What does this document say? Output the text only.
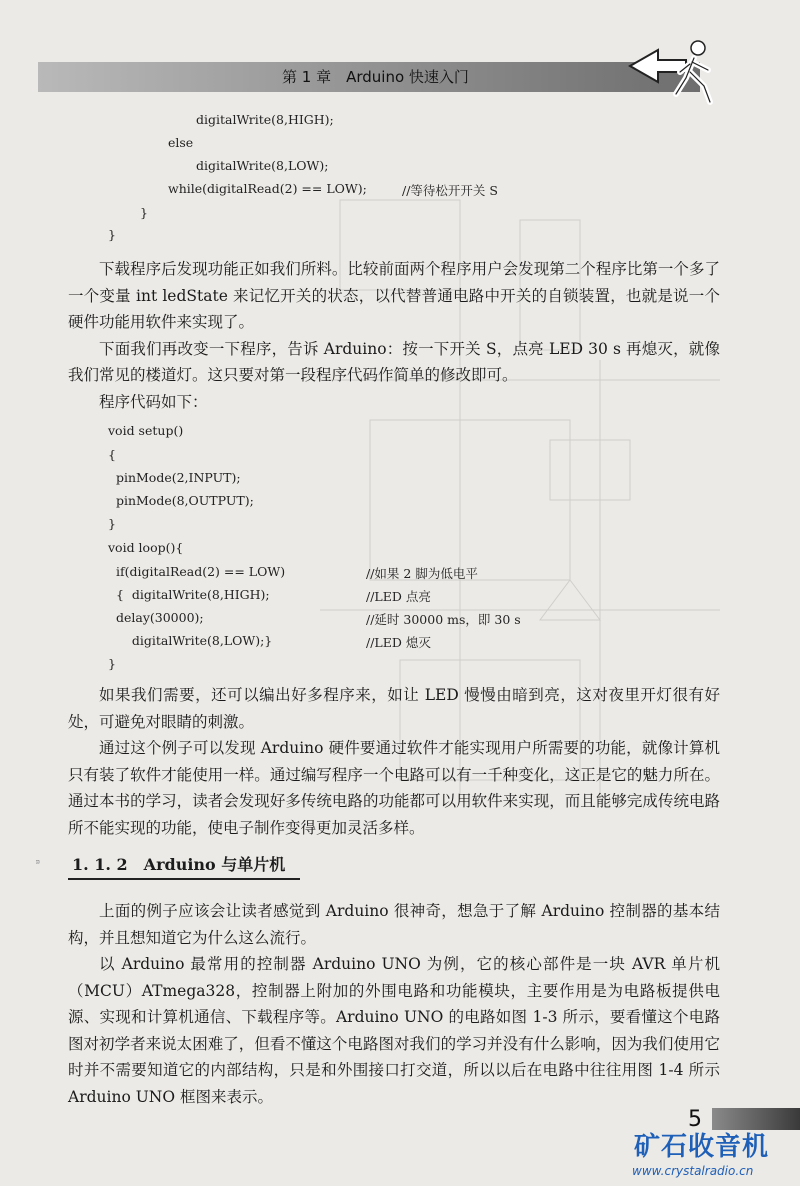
第 1 章　Arduino 快速入门
digitalWrite(8,HIGH);
else
digitalWrite(8,LOW);
while(digitalRead(2) == LOW);	//等待松开开关 S
}
}

下载程序后发现功能正如我们所料。比较前面两个程序用户会发现第二个程序比第一个多了一个变量 int ledState 来记忆开关的状态，以代替普通电路中开关的自锁装置，也就是说一个硬件功能用软件来实现了。

下面我们再改变一下程序，告诉 Arduino：按一下开关 S，点亮 LED 30 s 再熄灭，就像我们常见的楼道灯。这只要对第一段程序代码作简单的修改即可。

程序代码如下：

void setup()
{
pinMode(2,INPUT);
pinMode(8,OUTPUT);
}
void loop(){
if(digitalRead(2) == LOW)	//如果 2 脚为低电平
{  digitalWrite(8,HIGH);	//LED 点亮
delay(30000);	//延时 30000 ms，即 30 s
digitalWrite(8,LOW);}	//LED 熄灭
}

如果我们需要，还可以编出好多程序来，如让 LED 慢慢由暗到亮，这对夜里开灯很有好处，可避免对眼睛的刺激。

通过这个例子可以发现 Arduino 硬件要通过软件才能实现用户所需要的功能，就像计算机只有装了软件才能使用一样。通过编写程序一个电路可以有一千种变化，这正是它的魅力所在。通过本书的学习，读者会发现好多传统电路的功能都可以用软件来实现，而且能够完成传统电路所不能实现的功能，使电子制作变得更加灵活多样。

1. 1. 2　Arduino 与单片机

上面的例子应该会让读者感觉到 Arduino 很神奇，想急于了解 Arduino 控制器的基本结构，并且想知道它为什么这么流行。

以 Arduino 最常用的控制器 Arduino UNO 为例，它的核心部件是一块 AVR 单片机（MCU）ATmega328，控制器上附加的外围电路和功能模块，主要作用是为电路板提供电源、实现和计算机通信、下载程序等。Arduino UNO 的电路如图 1-3 所示，要看懂这个电路图对初学者来说太困难了，但看不懂这个电路图对我们的学习并没有什么影响，因为我们使用它时并不需要知道它的内部结构，只是和外围接口打交道，所以以后在电路中往往用图 1-4 所示 Arduino UNO 框图来表示。

5
矿石收音机
www.crystalradio.cn
